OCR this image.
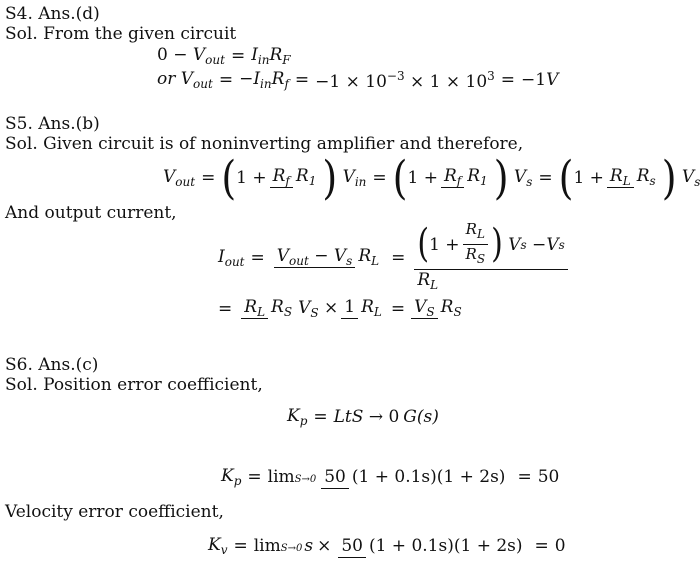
S4. Ans.(d)
Sol. From the given circuit
$0 - V_{out} = I_{in}R_F$
or $V_{out} = -I_{in}R_f = -1 \times 10^{-3} \times 1 \times 10^3 = -1V$
S5. Ans.(b)
Sol. Given circuit is of noninverting amplifier and therefore,
$V_{out}$ = ( $1 + R_f$ $R_1$ ) $V_{in}$ = ( $1 + R_f$ $R_1$ ) $V_s$ = ( $1 + R_L$ $R_s$ ) $V_s$
And output current,
$I_{out} = V_{out} - V_s$ $R_L$ = ( $1 + \frac{R_L}{R_S}$ )
V s − V s
$R_L$
= $R_L$ $R_S$ $V_S \times 1$ $R_L = V_S$ $R_S$
S6. Ans.(c)
Sol. Position error coefficient,
$K_p$ = LtS → 0 G(s)
$K_p = \lim S\to 0$ 50 (1 + 0.1s)(1 + 2s) = 50
Velocity error coefficient,
$K_v = \lim S\to 0$ s × 50 (1 + 0.1s)(1 + 2s) = 0
